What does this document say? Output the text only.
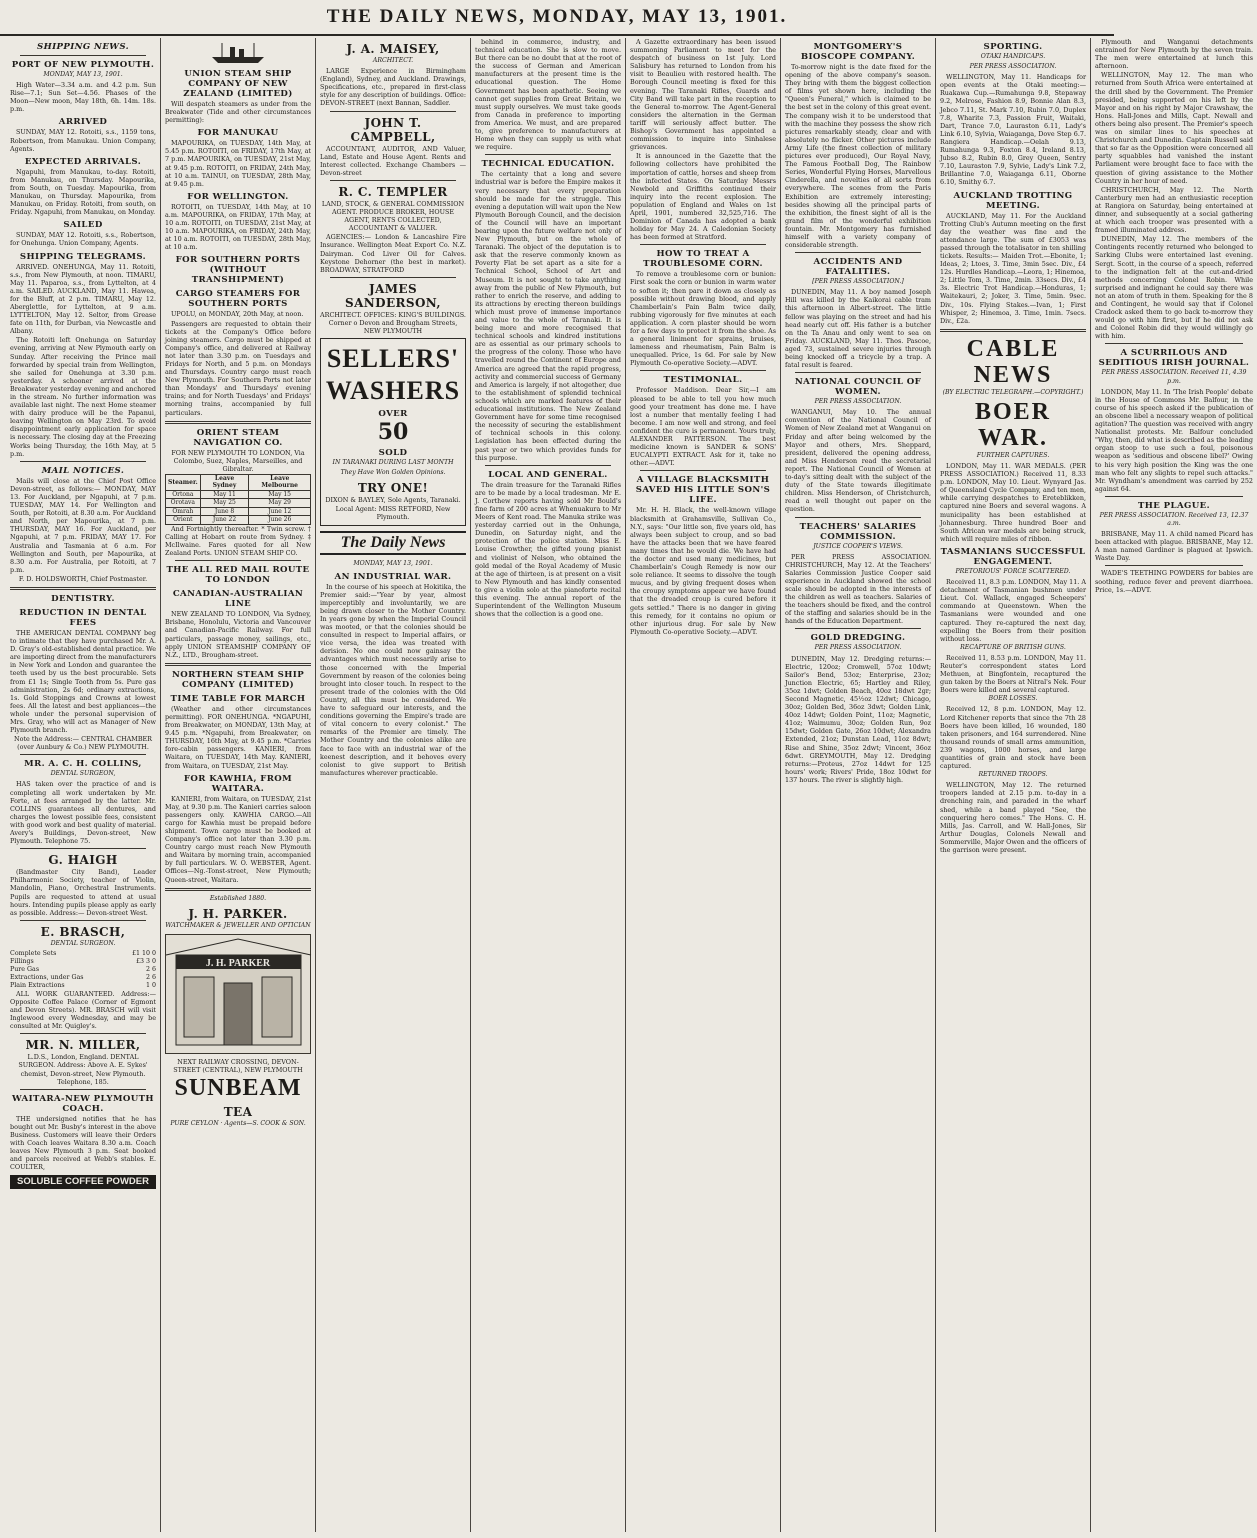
THE DAILY NEWS, MONDAY, MAY 13, 1901.
SHIPPING NEWS.
PORT OF NEW PLYMOUTH.
MONDAY, MAY 13, 1901.
High Water—3.34 a.m. and 4.2 p.m. Sun Rise—7.1; Sun Set—4.56. Phases of the Moon—New moon, May 18th, 6h. 14m. 18s. p.m.
ARRIVED
SUNDAY, MAY 12. Rotoiti, s.s., 1159 tons, Robertson, from Manukau. Union Company, Agents.
EXPECTED ARRIVALS.
Ngapuhi, from Manukau, to-day. Rotoiti, from Manukau, on Thursday. Mapourika, from South, on Tuesday. Mapourika, from Manukau, on Thursday. Mapourika, from Manukau, on Friday. Rotoiti, from south, on Friday. Ngapuhi, from Manukau, on Monday.
SAILED
SUNDAY, MAY 12. Rotoiti, s.s., Robertson, for Onehunga. Union Company, Agents.
SHIPPING TELEGRAMS.
ARRIVED. ONEHUNGA, May 11. Rotoiti, s.s., from New Plymouth, at noon. TIMARU, May 11. Paparoa, s.s., from Lyttelton, at 4 a.m. SAILED. AUCKLAND, May 11. Hawea, for the Bluff, at 2 p.m. TIMARU, May 12. Aberglettle, for Lyttelton, at 9 a.m. LYTTELTON, May 12. Seltor, from Grease fate on 11th, for Durban, via Newcastle and Albany.
The Rotoiti left Onehunga on Saturday evening, arriving at New Plymouth early on Sunday. After receiving the Prince mail forwarded by special train from Wellington, she sailed for Onehunga at 3.30 p.m. yesterday. A schooner arrived at the Breakwater yesterday evening and anchored in the stream. No further information was available last night. The next Home steamer with dairy produce will be the Papanui, leaving Wellington on May 23rd. To avoid disappointment early application for space is necessary. The closing day at the Freezing Works being Thursday, the 16th May, at 5 p.m.
MAIL NOTICES.
Mails will close at the Chief Post Office Devon-street, as follows:— MONDAY, MAY 13. For Auckland, per Ngapuhi, at 7 p.m. TUESDAY, MAY 14. For Wellington and South, per Rotoiti, at 8.30 a.m. For Auckland and North, per Mapourika, at 7 p.m. THURSDAY, MAY 16. For Auckland, per Ngapuhi, at 7 p.m. FRIDAY, MAY 17. For Australia and Tasmania at 6 a.m. For Wellington and South, per Mapourika, at 8.30 a.m. For Australia, per Rotoiti, at 7 p.m.
F. D. HOLDSWORTH, Chief Postmaster.
DENTISTRY.
REDUCTION IN DENTAL FEES
THE AMERICAN DENTAL COMPANY beg to intimate that they have purchased Mr. A. D. Gray's old-established dental practice. We are importing direct from the manufacturers in New York and London and guarantee the teeth used by us the best procurable. Sets from £1 1s; Single Tooth from 5s. Pure gas administration, 2s 6d; ordinary extractions, 1s. Gold Stoppings and Crowns at lowest fees. All the latest and best appliances—the whole under the personal supervision of Mrs. Gray, who will act as Manager of New Plymouth branch.
Note the Address:— CENTRAL CHAMBER (over Aunbury & Co.) NEW PLYMOUTH.
MR. A. C. H. COLLINS,
DENTAL SURGEON,
HAS taken over the practice of and is completing all work undertaken by Mr. Forte, at fees arranged by the latter. Mr. COLLINS guarantees all dentures, and charges the lowest possible fees, consistent with good work and best quality of material. Avery's Buildings, Devon-street, New Plymouth. Telephone 75.
G. HAIGH
(Bandmaster City Band), Leader Philharmonic Society, teacher of Violin, Mandolin, Piano, Orchestral Instruments. Pupils are requested to attend at usual hours. Intending pupils please apply as early as possible. Address:— Devon-street West.
E. BRASCH,
DENTAL SURGEON.
Complete Sets	£1 10 0
Fillings	£3 3 0
Pure Gas	2 6
Extractions, under Gas	2 6
Plain Extractions	1 0
ALL WORK GUARANTEED. Address:—Opposite Coffee Palace (Corner of Egmont and Devon Streets). MR. BRASCH will visit Inglewood every Wednesday, and may be consulted at Mr. Quigley's.
MR. N. MILLER,
L.D.S., London, England. DENTAL SURGEON. Address: Above A. E. Sykes' chemist, Devon-street, New Plymouth. Telephone, 185.
WAITARA-NEW PLYMOUTH COACH.
THE undersigned notifies that he has bought out Mr. Busby's interest in the above Business. Customers will leave their Orders with Coach leaves Waitara 8.30 a.m. Coach leaves New Plymouth 3 p.m. Seat booked and parcels received at Webb's stables. E. COULTER,
SOLUBLE COFFEE POWDER
UNION STEAM SHIP COMPANY OF NEW ZEALAND (LIMITED)
Will despatch steamers as under from the Breakwater (Tide and other circumstances permitting):
FOR MANUKAU
MAPOURIKA, on TUESDAY, 14th May, at 5.45 p.m. ROTOITI, on FRIDAY, 17th May, at 7 p.m. MAPOURIKA, on TUESDAY, 21st May, at 9.45 p.m. ROTOITI, on FRIDAY, 24th May, at 10 a.m. TAINUI, on TUESDAY, 28th May, at 9.45 p.m.
FOR WELLINGTON.
ROTOITI, on TUESDAY, 14th May, at 10 a.m. MAPOURIKA, on FRIDAY, 17th May, at 10 a.m. ROTOITI, on TUESDAY, 21st May, at 10 a.m. MAPOURIKA, on FRIDAY, 24th May, at 10 a.m. ROTOITI, on TUESDAY, 28th May, at 10 a.m.
FOR SOUTHERN PORTS (WITHOUT TRANSHIPMENT)
CARGO STEAMERS FOR SOUTHERN PORTS
UPOLU, on MONDAY, 20th May, at noon.
Passengers are requested to obtain their tickets at the Company's Office before joining steamers. Cargo must be shipped at Company's office, and delivered at Railway not later than 3.30 p.m. on Tuesdays and Fridays for North, and 5 p.m. on Mondays and Thursdays. Country cargo must reach New Plymouth. For Southern Ports not later than Mondays' and Thursdays' evening trains; and for North Tuesdays' and Fridays' morning trains, accompanied by full particulars.
ORIENT STEAM NAVIGATION CO.
FOR NEW PLYMOUTH TO LONDON, Via Colombo, Suez, Naples, Marseilles, and Gibraltar.
Steamer.	Leave Sydney	Leave Melbourne
Ortona	May 11	May 15
Orotava	May 25	May 29
Omrah	June 8	June 12
Orient	June 22	June 26
And Fortnightly thereafter. * Twin screw. † Calling at Hobart on route from Sydney. ‡ McIlwaine. Fares quoted for all New Zealand Ports. UNION STEAM SHIP CO.
THE ALL RED MAIL ROUTE TO LONDON
CANADIAN-AUSTRALIAN LINE
NEW ZEALAND TO LONDON, Via Sydney, Brisbane, Honolulu, Victoria and Vancouver and Canadian-Pacific Railway. For full particulars, passage money, sailings, etc., apply UNION STEAMSHIP COMPANY OF N.Z., LTD., Brougham-street.
NORTHERN STEAM SHIP COMPANY (LIMITED)
TIME TABLE FOR MARCH
(Weather and other circumstances permitting). FOR ONEHUNGA. *NGAPUHI, from Breakwater, on MONDAY, 13th May, at 9.45 p.m. *Ngapuhi, from Breakwater, on THURSDAY, 16th May, at 9.45 p.m. *Carries fore-cabin passengers. KANIERI, from Waitara, on TUESDAY, 14th May. KANIERI, from Waitara, on TUESDAY, 21st May.
FOR KAWHIA, FROM WAITARA.
KANIERI, from Waitara, on TUESDAY, 21st May, at 9.30 p.m. The Kanieri carries saloon passengers only. KAWHIA CARGO.—All cargo for Kawhia must be prepaid before shipment. Town cargo must be booked at Company's office not later than 3.30 p.m. Country cargo must reach New Plymouth and Waitara by morning train, accompanied by full particulars. W. O. WEBSTER, Agent. Offices—Ng.-Tonst-street, New Plymouth; Queen-street, Waitara.
Established 1880.
J. H. PARKER.
WATCHMAKER & JEWELLER AND OPTICIAN
J. H. PARKER
NEXT RAILWAY CROSSING, DEVON-STREET (CENTRAL), NEW PLYMOUTH
SUNBEAM
TEA
PURE CEYLON · Agents—S. COOK & SON.
J. A. MAISEY,
ARCHITECT.
LARGE Experience in Birmingham (England), Sydney, and Auckland. Drawings, Specifications, etc., prepared in first-class style for any description of buildings. Office: DEVON-STREET (next Bannan, Saddler.
JOHN T. CAMPBELL,
ACCOUNTANT, AUDITOR, AND Valuer, Land, Estate and House Agent. Rents and Interest collected. Exchange Chambers — Devon-street
R. C. TEMPLER
LAND, STOCK, & GENERAL COMMISSION AGENT. PRODUCE BROKER, HOUSE AGENT, RENTS COLLECTED, ACCOUNTANT & VALUER.
AGENCIES:— London & Lancashire Fire Insurance. Wellington Meat Export Co. N.Z. Dairyman. Cod Liver Oil for Calves. Keystone Dehorner (the best in market). BROADWAY, STRATFORD
JAMES SANDERSON,
ARCHITECT. OFFICES: KING'S BUILDINGS. Corner o Devon and Brougham Streets, NEW PLYMOUTH
SELLERS'
WASHERS
OVER
50
SOLD
IN TARANAKI DURING LAST MONTH
They Have Won Golden Opinions.
TRY ONE!
DIXON & BAYLEY, Sole Agents, Taranaki.
Local Agent: MISS RETFORD, New Plymouth.
The Daily News
MONDAY, MAY 13, 1901.
AN INDUSTRIAL WAR.
In the course of his speech at Hokitika, the Premier said:—"Year by year, almost imperceptibly and involuntarily, we are being drawn closer to the Mother Country. In years gone by when the Imperial Council was mooted, or that the colonies should be consulted in respect to Imperial affairs, or vice versa, the idea was treated with derision. No one could now gainsay the advantages which must necessarily arise to those concerned with the Imperial Government by reason of the colonies being brought into closer touch. In respect to the present trade of the colonies with the Old Country, all this must be considered. We have to safeguard our interests, and the conditions governing the Empire's trade are of vital concern to every colonist." The remarks of the Premier are timely. The Mother Country and the colonies alike are face to face with an industrial war of the keenest description, and it behoves every colonist to give support to British manufactures wherever practicable.
behind in commerce, industry, and technical education. She is slow to move. But there can be no doubt that at the root of the success of German and American manufacturers at the present time is the educational question. The Home Government has been apathetic. Seeing we cannot get supplies from Great Britain, we must supply ourselves. We must take goods from Canada in preference to importing from America. We must, and are prepared to, give preference to manufacturers at Home when they can supply us with what we require.
TECHNICAL EDUCATION.
The certainty that a long and severe industrial war is before the Empire makes it very necessary that every preparation should be made for the struggle. This evening a deputation will wait upon the New Plymouth Borough Council, and the decision of the Council will have an important bearing upon the future welfare not only of New Plymouth, but on the whole of Taranaki. The object of the deputation is to ask that the reserve commonly known as Poverty Flat be set apart as a site for a Technical School, School of Art and Museum. It is not sought to take anything away from the public of New Plymouth, but rather to enrich the reserve, and adding to its attractions by erecting thereon buildings which must prove of immense importance and value to the whole of Taranaki. It is being more and more recognised that technical schools and kindred institutions are as essential as our primary schools to the progress of the colony. Those who have travelled round the Continent of Europe and America are agreed that the rapid progress, activity and commercial success of Germany and America is largely, if not altogether, due to the establishment of splendid technical schools which are marked features of their educational institutions. The New Zealand Government have for some time recognised the necessity of securing the establishment of technical schools in this colony. Legislation has been effected during the past year or two which provides funds for this purpose.
LOCAL AND GENERAL.
The drain treasure for the Taranaki Rifles are to be made by a local tradesman. Mr E. J. Corthew reports having sold Mr Bould's fine farm of 200 acres at Whenuakura to Mr Meers of Kent road. The Manuka strike was yesterday carried out in the Onhunga, Dunedin, on Saturday night, and the protection of the police station. Miss E. Louise Crowther, the gifted young pianist and violinist of Nelson, who obtained the gold medal of the Royal Academy of Music at the age of thirteen, is at present on a visit to New Plymouth and has kindly consented to give a violin solo at the pianoforte recital this evening. The annual report of the Superintendent of the Wellington Museum shows that the collection is a good one.
A Gazette extraordinary has been issued summoning Parliament to meet for the despatch of business on 1st July. Lord Salisbury has returned to London from his visit to Beaulieu with restored health. The Borough Council meeting is fixed for this evening. The Taranaki Rifles, Guards and City Band will take part in the reception to the General to-morrow. The Agent-General considers the alternation in the German tariff will seriously affect butter. The Bishop's Government has appointed a commission to inquire into Sinhalese grievances.
It is announced in the Gazette that the following collectors have prohibited the importation of cattle, horses and sheep from the infected States. On Saturday Messrs Newbold and Griffiths continued their inquiry into the recent explosion. The population of England and Wales on 1st April, 1901, numbered 32,525,716. The Dominion of Canada has adopted a bank holiday for May 24. A Caledonian Society has been formed at Stratford.
HOW TO TREAT A TROUBLESOME CORN.
To remove a troublesome corn or bunion: First soak the corn or bunion in warm water to soften it; then pare it down as closely as possible without drawing blood, and apply Chamberlain's Pain Balm twice daily, rubbing vigorously for five minutes at each application. A corn plaster should be worn for a few days to protect it from the shoe. As a general liniment for sprains, bruises, lameness and rheumatism, Pain Balm is unequalled. Price, 1s 6d. For sale by New Plymouth Co-operative Society.—ADVT.
TESTIMONIAL.
Professor Maddison. Dear Sir,—I am pleased to be able to tell you how much good your treatment has done me. I have lost a number that mentally feeling I had become. I am now well and strong, and feel confident the cure is permanent. Yours truly, ALEXANDER PATTERSON. The best medicine known is SANDER & SONS' EUCALYPTI EXTRACT. Ask for it, take no other.—ADVT.
A VILLAGE BLACKSMITH SAVED HIS LITTLE SON'S LIFE.
Mr. H. H. Black, the well-known village blacksmith at Grahamsville, Sullivan Co., N.Y., says: "Our little son, five years old, has always been subject to croup, and so bad have the attacks been that we have feared many times that he would die. We have had the doctor and used many medicines, but Chamberlain's Cough Remedy is now our sole reliance. It seems to dissolve the tough mucus, and by giving frequent doses when the croupy symptoms appear we have found that the dreaded croup is cured before it gets settled." There is no danger in giving this remedy, for it contains no opium or other injurious drug. For sale by New Plymouth Co-operative Society.—ADVT.
MONTGOMERY'S BIOSCOPE COMPANY.
To-morrow night is the date fixed for the opening of the above company's season. They bring with them the biggest collection of films yet shown here, including the "Queen's Funeral," which is claimed to be the best set in the colony of this great event. The company wish it to be understood that with the machine they possess the show rich pictures remarkably steady, clear and with absolutely no flicker. Other pictures include Army Life (the finest collection of military pictures ever produced), Our Royal Navy, The Famous Football Dog, The Rainbow Series, Wonderful Flying Horses, Marvellous Cinderella, and novelties of all sorts from everywhere. The scenes from the Paris Exhibition are extremely interesting; besides showing all the principal parts of the exhibition, the finest sight of all is the grand film of the wonderful exhibition fountain. Mr. Montgomery has furnished himself with a variety company of considerable strength.
ACCIDENTS AND FATALITIES.
[PER PRESS ASSOCIATION.]
DUNEDIN, May 11. A boy named Joseph Hill was killed by the Kaikorai cable tram this afternoon in Albert-street. The little fellow was playing on the street and had his head nearly cut off. His father is a butcher on the Ta Anau and only went to sea on Friday. AUCKLAND, May 11. Thos. Pascoe, aged 73, sustained severe injuries through being knocked off a tricycle by a trap. A fatal result is feared.
NATIONAL COUNCIL OF WOMEN.
PER PRESS ASSOCIATION.
WANGANUI, May 10. The annual convention of the National Council of Women of New Zealand met at Wanganui on Friday and after being welcomed by the Mayor and others, Mrs. Sheppard, president, delivered the opening address, and Miss Henderson read the secretarial report. The National Council of Women at to-day's sitting dealt with the subject of the duty of the State towards illegitimate children. Miss Henderson, of Christchurch, read a well thought out paper on the question.
TEACHERS' SALARIES COMMISSION.
JUSTICE COOPER'S VIEWS.
PER PRESS ASSOCIATION. CHRISTCHURCH, May 12. At the Teachers' Salaries Commission Justice Cooper said experience in Auckland showed the school scale should be adopted in the interests of the children as well as teachers. Salaries of the teachers should be fixed, and the control of the staffing and salaries should be in the hands of the Education Department.
GOLD DREDGING.
PER PRESS ASSOCIATION.
DUNEDIN, May 12. Dredging returns:—Electric, 120oz; Cromwell, 57oz 10dwt; Sailor's Bend, 53oz; Enterprise, 23oz; Junction Electric, 65; Hartley and Riley, 35oz 1dwt; Golden Beach, 40oz 18dwt 2gr; Second Magnetic, 45½oz 12dwt; Chicago, 30oz; Golden Bed, 36oz 3dwt; Golden Link, 40oz 14dwt; Golden Point, 11oz; Magnetic, 41oz; Waimumu, 30oz; Golden Run, 9oz 15dwt; Golden Gate, 26oz 10dwt; Alexandra Extended, 21oz; Dunstan Lead, 11oz 8dwt; Rise and Shine, 35oz 2dwt; Vincent, 36oz 6dwt. GREYMOUTH, May 12. Dredging returns:—Proteus, 27oz 14dwt for 125 hours' work; Rivers' Pride, 18oz 10dwt for 137 hours. The river is slightly high.
SPORTING.
OTAKI HANDICAPS.
PER PRESS ASSOCIATION.
WELLINGTON, May 11. Handicaps for open events at the Otaki meeting:— Ruakawa Cup.—Rumahunga 9.8, Stepaway 9.2, Melrose, Fashion 8.9, Bonnie Alan 8.3, Jebco 7.11, St. Mark 7.10, Rubin 7.0, Duplex 7.8, Wharite 7.3, Passion Fruit, Waitaki, Dart, Trance 7.0, Lauraston 6.11, Lady's Link 6.10, Sylvia, Waiaganga, Dove Step 6.7. Rangiera Handicap.—Oelah 9.13, Rumahunga 9.3, Foxton 8.4, Ireland 8.13, Jubso 8.2, Rubin 8.0, Grey Queen, Sentry 7.10, Lauraston 7.9, Sylvie, Lady's Link 7.2, Brillantine 7.0, Waiaganga 6.11, Oborne 6.10, Smithy 6.7.
AUCKLAND TROTTING MEETING.
AUCKLAND, May 11. For the Auckland Trotting Club's Autumn meeting on the first day the weather was fine and the attendance large. The sum of £3053 was passed through the totalisator in ten shilling tickets. Results:— Maiden Trot.—Ebonite, 1; Ideas, 2; Ltoes, 3. Time, 3min 5sec. Div., £4 12s. Hurdles Handicap.—Leora, 1; Hinemoa, 2; Little Tom, 3. Time, 2min. 33secs. Div., £4 3s. Electric Trot Handicap.—Honduras, 1; Waitekauri, 2; Joker, 3. Time, 5min. 9sec. Div., 10s. Flying Stakes.—Ivan, 1; First Whisper, 2; Hinemoa, 3. Time, 1min. 7secs. Div., £2a.
CABLE NEWS
(BY ELECTRIC TELEGRAPH.—COPYRIGHT.)
BOER WAR.
FURTHER CAPTURES.
LONDON, May 11. WAR MEDALS. (PER PRESS ASSOCIATION.) Received 11, 8.33 p.m. LONDON, May 10. Lieut. Wynyard Jas. of Queensland Cycle Company, and ten men, while carrying despatches to Ereteblikken, captured nine Boers and several wagons. A municipality has been established at Johannesburg. Three hundred Boer and South African war medals are being struck, which will require miles of ribbon.
TASMANIANS SUCCESSFUL ENGAGEMENT.
PRETORIOUS' FORCE SCATTERED.
Received 11, 8.3 p.m. LONDON, May 11. A detachment of Tasmanian bushmen under Lieut. Col. Wallack, engaged Scheepers' commando at Queenstown. When the Tasmanians were wounded and one captured. They re-captured the next day, expelling the Boers from their position without loss.
RECAPTURE OF BRITISH GUNS.
Received 11, 8.53 p.m. LONDON, May 11. Reuter's correspondent states Lord Methuen, at Bingfontein, recaptured the gun taken by the Boers at Nitral's Nek. Four Boers were killed and several captured.
BOER LOSSES.
Received 12, 8 p.m. LONDON, May 12. Lord Kitchener reports that since the 7th 28 Boers have been killed, 16 wounded, 180 taken prisoners, and 164 surrendered. Nine thousand rounds of small arms ammunition, 239 wagons, 1000 horses, and large quantities of grain and stock have been captured.
RETURNED TROOPS.
WELLINGTON, May 12. The returned troopers landed at 2.15 p.m. to-day in a drenching rain, and paraded in the wharf shed, while a band played "See, the conquering hero comes." The Hons. C. H. Mills, Jas. Carroll, and W. Hall-Jones, Sir Arthur Douglas, Colonels Newall and Sommerville, Major Owen and the officers of the garrison were present.
Plymouth and Wanganui detachments entrained for New Plymouth by the seven train. The men were entertained at lunch this afternoon.
WELLINGTON, May 12. The man who returned from South Africa were entertained at the drill shed by the Government. The Premier presided, being supported on his left by the Mayor and on his right by Major Crawshaw, the Hons. Hall-Jones and Mills, Capt. Newall and others being also present. The Premier's speech was on similar lines to his speeches at Christchurch and Dunedin. Captain Russell said that so far as the Opposition were concerned all party squabbles had vanished the instant Parliament were brought face to face with the question of giving assistance to the Mother Country in her hour of need.
CHRISTCHURCH, May 12. The North Canterbury men had an enthusiastic reception at Rangiora on Saturday, being entertained at dinner, and subsequently at a social gathering at which each trooper was presented with a framed illuminated address.
DUNEDIN, May 12. The members of the Contingents recently returned who belonged to Sarking Clubs were entertained last evening. Sergt. Scott, in the course of a speech, referred to the indignation felt at the cut-and-dried methods concerning Colonel Robin. While surprised and indignant he could say there was not an atom of truth in them. Speaking for the 8 and Contingent, he would say that if Colonel Cradock asked them to go back to-morrow they would go with him first, but if he did not ask and Colonel Robin did they would willingly go with him.
A SCURRILOUS AND SEDITIOUS IRISH JOURNAL.
PER PRESS ASSOCIATION. Received 11, 4.39 p.m.
LONDON, May 11. In 'The Irish People' debate in the House of Commons Mr. Balfour, in the course of his speech asked if the publication of an obscene libel a necessary weapon of political agitation? The question was received with angry Nationalist protests. Mr. Balfour concluded "Why, then, did what is described as the leading organ stoop to use such a foul, poisonous weapon as 'seditious and obscene libel?' Owing to his very high position the King was the one man who felt any slights to repel such attacks." Mr. Wyndham's amendment was carried by 252 against 64.
THE PLAGUE.
PER PRESS ASSOCIATION. Received 13, 12.37 a.m.
BRISBANE, May 11. A child named Picard has been attacked with plague. BRISBANE, May 12. A man named Gardiner is plagued at Ipswich. Waste Day.
WADE'S TEETHING POWDERS for babies are soothing, reduce fever and prevent diarrhoea. Price, 1s.—ADVT.
